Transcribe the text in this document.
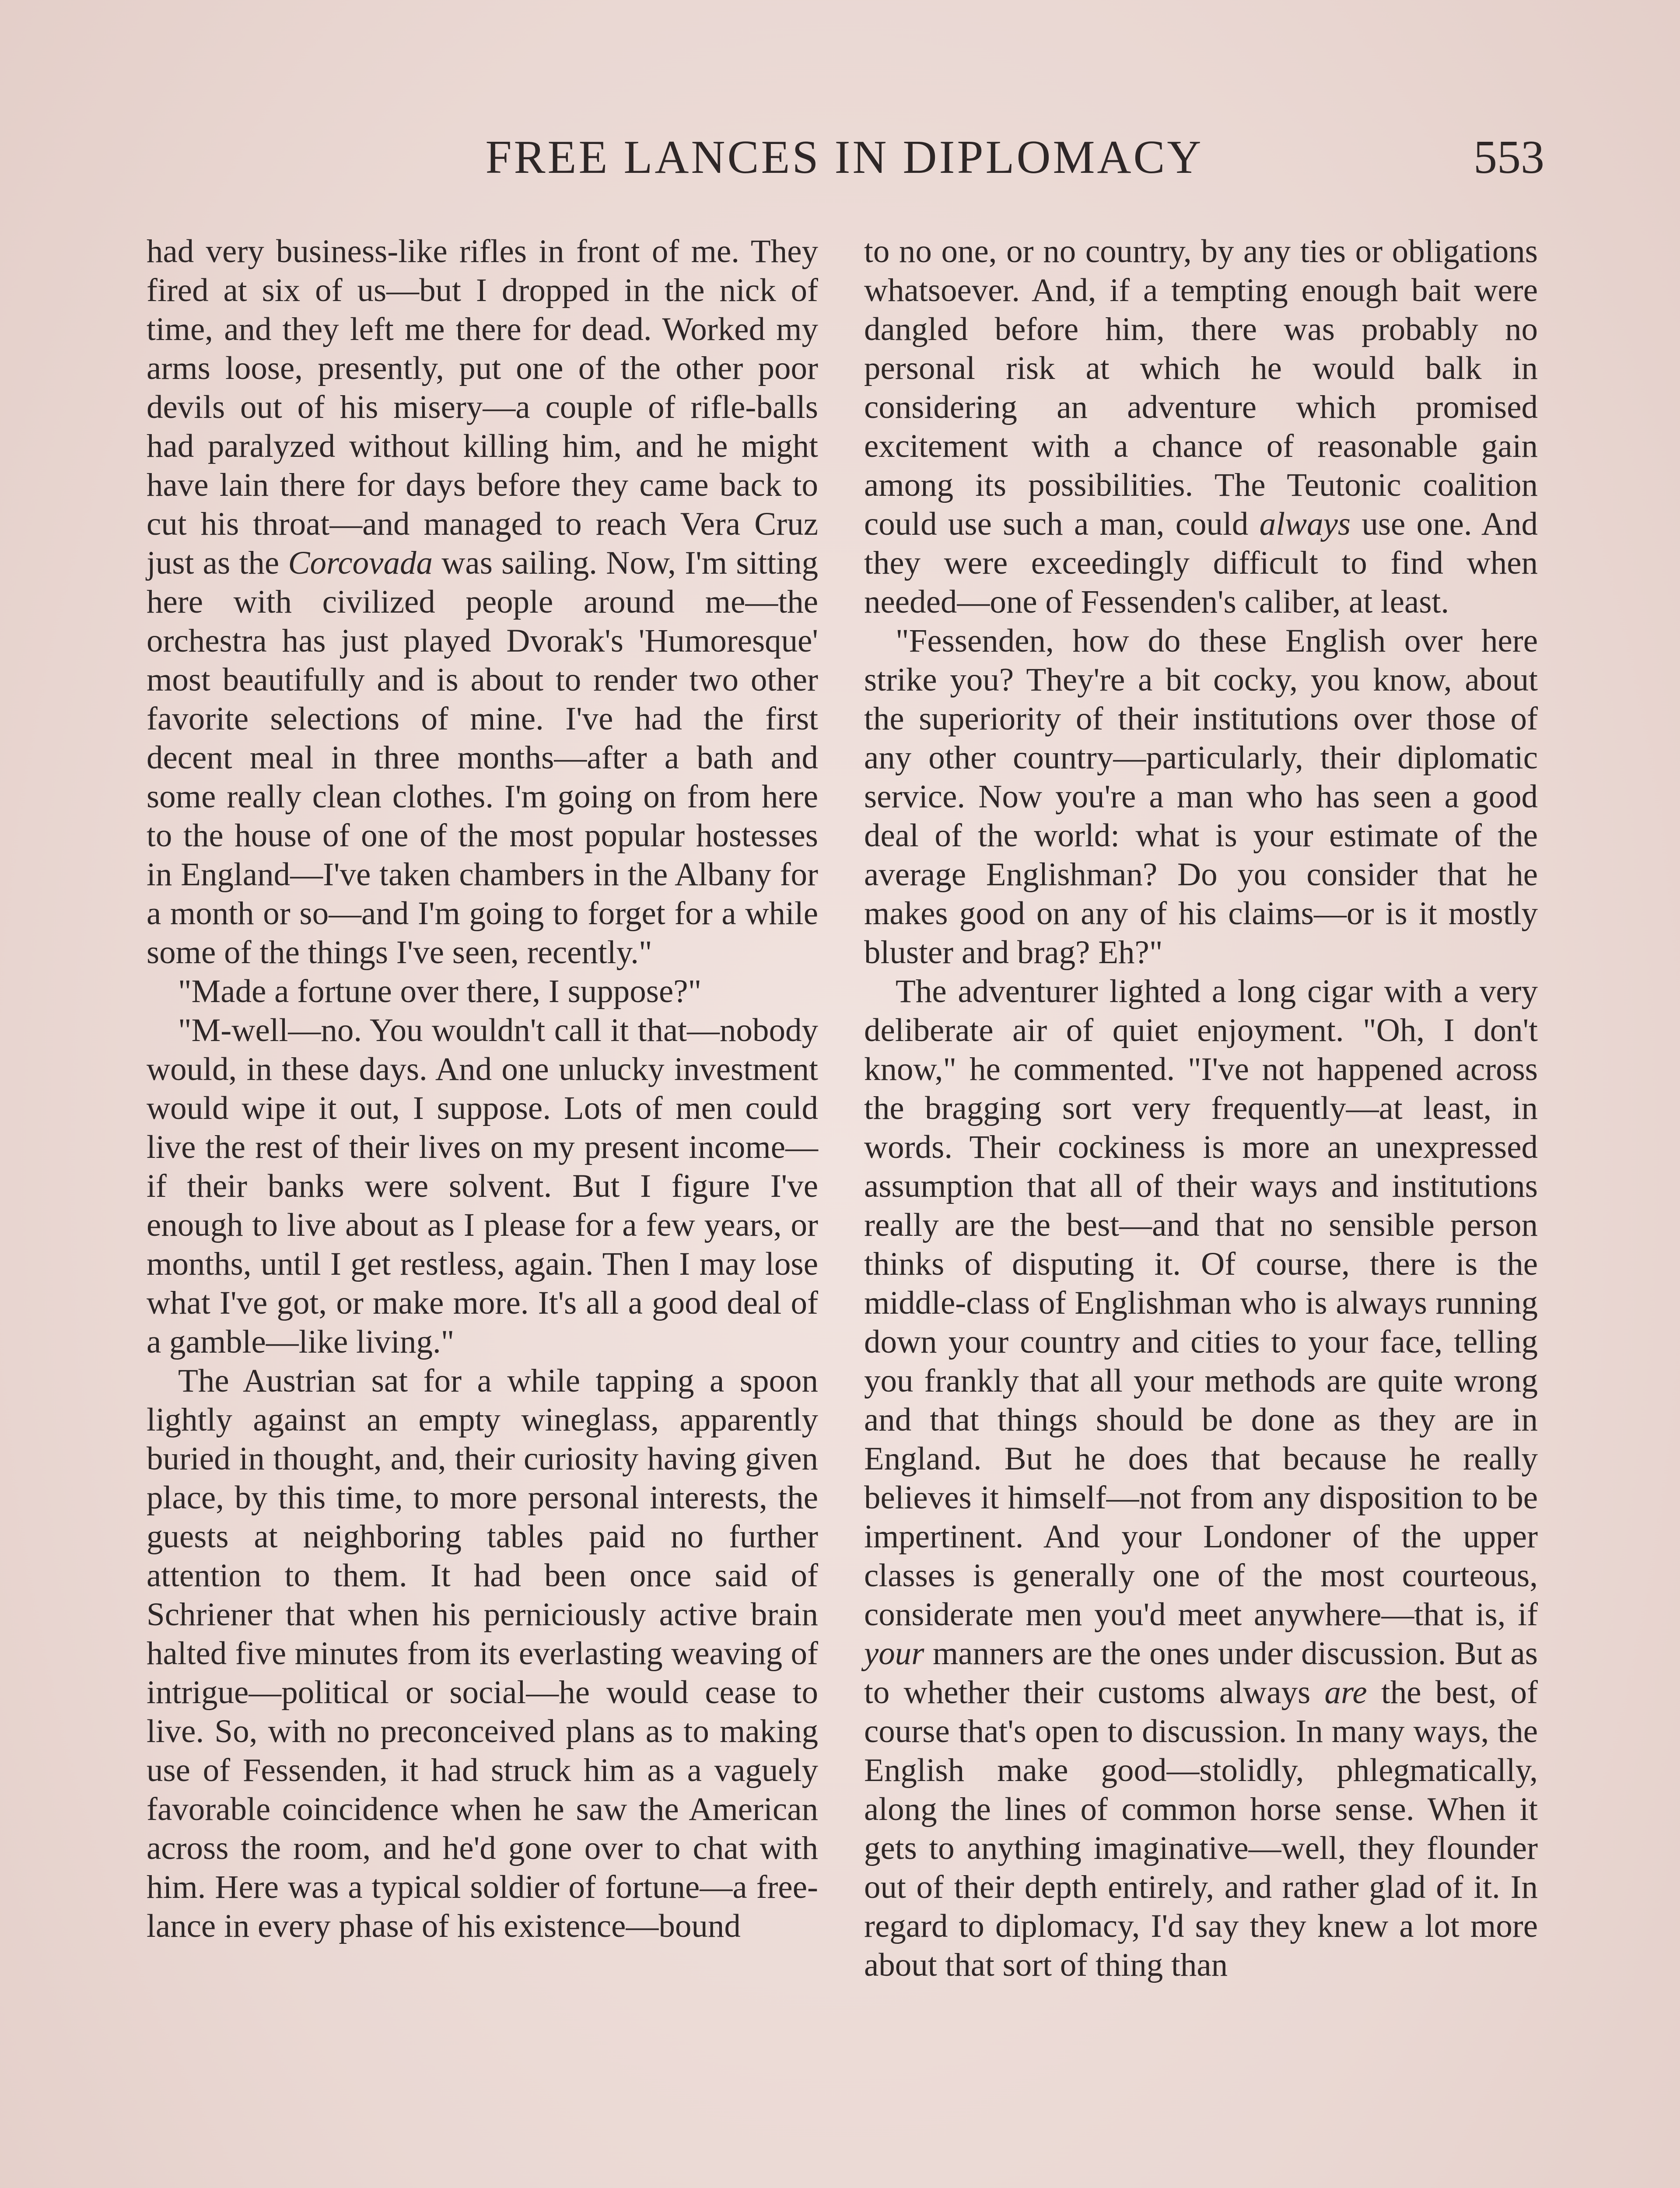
FREE LANCES IN DIPLOMACY	553

had very business-like rifles in front of me. They fired at six of us—but I dropped in the nick of time, and they left me there for dead. Worked my arms loose, presently, put one of the other poor devils out of his misery—a couple of rifle-balls had paralyzed without killing him, and he might have lain there for days before they came back to cut his throat—and managed to reach Vera Cruz just as the Corcovada was sailing. Now, I'm sitting here with civilized people around me—the orchestra has just played Dvorak's 'Humoresque' most beautifully and is about to render two other favorite selections of mine. I've had the first decent meal in three months—after a bath and some really clean clothes. I'm going on from here to the house of one of the most popular hostesses in England—I've taken chambers in the Albany for a month or so—and I'm going to forget for a while some of the things I've seen, recently."

"Made a fortune over there, I suppose?"

"M-well—no. You wouldn't call it that—nobody would, in these days. And one unlucky investment would wipe it out, I suppose. Lots of men could live the rest of their lives on my present income—if their banks were solvent. But I figure I've enough to live about as I please for a few years, or months, until I get restless, again. Then I may lose what I've got, or make more. It's all a good deal of a gamble—like living."

The Austrian sat for a while tapping a spoon lightly against an empty wineglass, apparently buried in thought, and, their curiosity having given place, by this time, to more personal interests, the guests at neighboring tables paid no further attention to them. It had been once said of Schriener that when his perniciously active brain halted five minutes from its everlasting weaving of intrigue—political or social—he would cease to live. So, with no preconceived plans as to making use of Fessenden, it had struck him as a vaguely favorable coincidence when he saw the American across the room, and he'd gone over to chat with him. Here was a typical soldier of fortune—a free-lance in every phase of his existence—bound

to no one, or no country, by any ties or obligations whatsoever. And, if a tempting enough bait were dangled before him, there was probably no personal risk at which he would balk in considering an adventure which promised excitement with a chance of reasonable gain among its possibilities. The Teutonic coalition could use such a man, could always use one. And they were exceedingly difficult to find when needed—one of Fessenden's caliber, at least.

"Fessenden, how do these English over here strike you? They're a bit cocky, you know, about the superiority of their institutions over those of any other country—particularly, their diplomatic service. Now you're a man who has seen a good deal of the world: what is your estimate of the average Englishman? Do you consider that he makes good on any of his claims—or is it mostly bluster and brag? Eh?"

The adventurer lighted a long cigar with a very deliberate air of quiet enjoyment. "Oh, I don't know," he commented. "I've not happened across the bragging sort very frequently—at least, in words. Their cockiness is more an unexpressed assumption that all of their ways and institutions really are the best—and that no sensible person thinks of disputing it. Of course, there is the middle-class of Englishman who is always running down your country and cities to your face, telling you frankly that all your methods are quite wrong and that things should be done as they are in England. But he does that because he really believes it himself—not from any disposition to be impertinent. And your Londoner of the upper classes is generally one of the most courteous, considerate men you'd meet anywhere—that is, if your manners are the ones under discussion. But as to whether their customs always are the best, of course that's open to discussion. In many ways, the English make good—stolidly, phlegmatically, along the lines of common horse sense. When it gets to anything imaginative—well, they flounder out of their depth entirely, and rather glad of it. In regard to diplomacy, I'd say they knew a lot more about that sort of thing than
